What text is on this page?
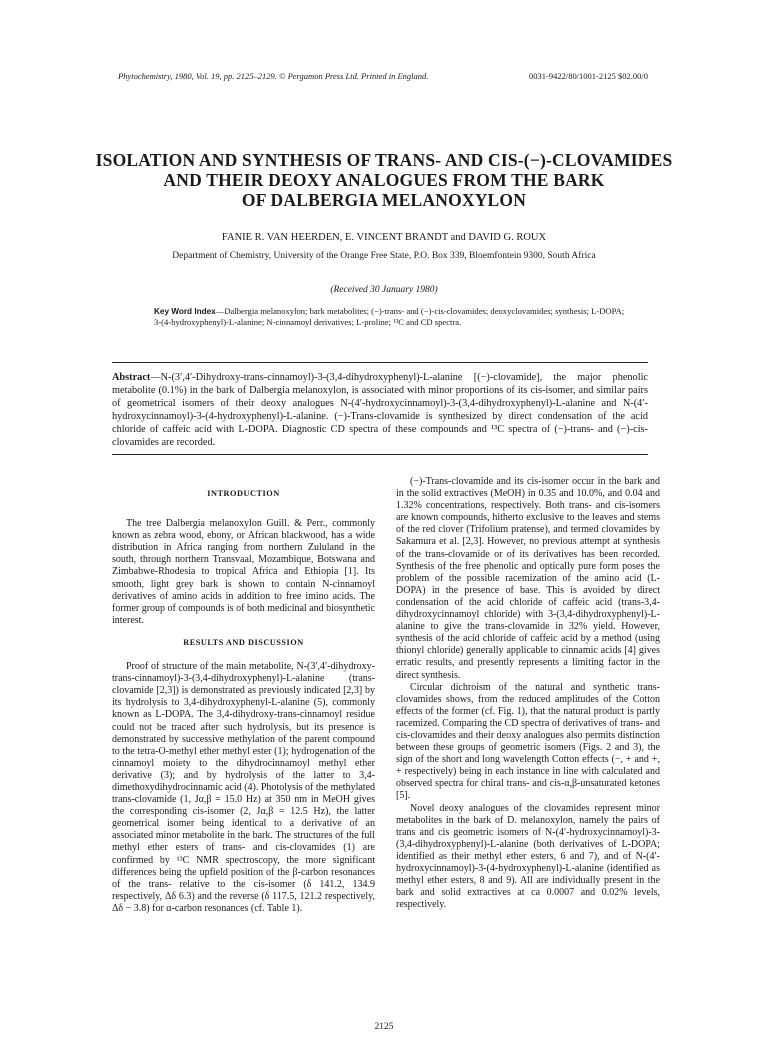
Phytochemistry, 1980, Vol. 19, pp. 2125–2129. © Pergamon Press Ltd. Printed in England.	0031-9422/80/1001-2125 $02.00/0
ISOLATION AND SYNTHESIS OF TRANS- AND CIS-(−)-CLOVAMIDES
AND THEIR DEOXY ANALOGUES FROM THE BARK
OF DALBERGIA MELANOXYLON
FANIE R. VAN HEERDEN, E. VINCENT BRANDT and DAVID G. ROUX
Department of Chemistry, University of the Orange Free State, P.O. Box 339, Bloemfontein 9300, South Africa
(Received 30 January 1980)
Key Word Index—Dalbergia melanoxylon; bark metabolites; (−)-trans- and (−)-cis-clovamides; deoxyclovamides; synthesis; L-DOPA; 3-(4-hydroxyphenyl)-L-alanine; N-cinnamoyl derivatives; L-proline; ¹³C and CD spectra.
Abstract—N-(3′,4′-Dihydroxy-trans-cinnamoyl)-3-(3,4-dihydroxyphenyl)-L-alanine [(−)-clovamide], the major phenolic metabolite (0.1%) in the bark of Dalbergia melanoxylon, is associated with minor proportions of its cis-isomer, and similar pairs of geometrical isomers of their deoxy analogues N-(4′-hydroxycinnamoyl)-3-(3,4-dihydroxyphenyl)-L-alanine and N-(4′-hydroxycinnamoyl)-3-(4-hydroxyphenyl)-L-alanine. (−)-Trans-clovamide is synthesized by direct condensation of the acid chloride of caffeic acid with L-DOPA. Diagnostic CD spectra of these compounds and ¹³C spectra of (−)-trans- and (−)-cis-clovamides are recorded.
INTRODUCTION

The tree Dalbergia melanoxylon Guill. & Perr., commonly known as zebra wood, ebony, or African blackwood, has a wide distribution in Africa ranging from northern Zululand in the south, through northern Transvaal, Mozambique, Botswana and Zimbabwe-Rhodesia to tropical Africa and Ethiopia [1]. Its smooth, light grey bark is shown to contain N-cinnamoyl derivatives of amino acids in addition to free imino acids. The former group of compounds is of both medicinal and biosynthetic interest.

RESULTS AND DISCUSSION

Proof of structure of the main metabolite, N-(3′,4′-dihydroxy-trans-cinnamoyl)-3-(3,4-dihydroxyphenyl)-L-alanine (trans-clovamide [2,3]) is demonstrated as previously indicated [2,3] by its hydrolysis to 3,4-dihydroxyphenyl-L-alanine (5), commonly known as L-DOPA. The 3,4-dihydroxy-trans-cinnamoyl residue could not be traced after such hydrolysis, but its presence is demonstrated by successive methylation of the parent compound to the tetra-O-methyl ether methyl ester (1); hydrogenation of the cinnamoyl moiety to the dihydrocinnamoyl methyl ether derivative (3); and by hydrolysis of the latter to 3,4-dimethoxydihydrocinnamic acid (4). Photolysis of the methylated trans-clovamide (1, Jα,β = 15.0 Hz) at 350 nm in MeOH gives the corresponding cis-isomer (2, Jα,β = 12.5 Hz), the latter geometrical isomer being identical to a derivative of an associated minor metabolite in the bark. The structures of the full methyl ether esters of trans- and cis-clovamides (1) are confirmed by ¹³C NMR spectroscopy, the more significant differences being the upfield position of the β-carbon resonances of the trans- relative to the cis-isomer (δ 141.2, 134.9 respectively, Δδ 6.3) and the reverse (δ 117.5, 121.2 respectively, Δδ − 3.8) for α-carbon resonances (cf. Table 1).

(−)-Trans-clovamide and its cis-isomer occur in the bark and in the solid extractives (MeOH) in 0.35 and 10.0%, and 0.04 and 1.32% concentrations, respectively. Both trans- and cis-isomers are known compounds, hitherto exclusive to the leaves and stems of the red clover (Trifolium pratense), and termed clovamides by Sakamura et al. [2,3]. However, no previous attempt at synthesis of the trans-clovamide or of its derivatives has been recorded. Synthesis of the free phenolic and optically pure form poses the problem of the possible racemization of the amino acid (L-DOPA) in the presence of base. This is avoided by direct condensation of the acid chloride of caffeic acid (trans-3,4-dihydroxycinnamoyl chloride) with 3-(3,4-dihydroxyphenyl)-L-alanine to give the trans-clovamide in 32% yield. However, synthesis of the acid chloride of caffeic acid by a method (using thionyl chloride) generally applicable to cinnamic acids [4] gives erratic results, and presently represents a limiting factor in the direct synthesis.

Circular dichroism of the natural and synthetic trans-clovamides shows, from the reduced amplitudes of the Cotton effects of the former (cf. Fig. 1), that the natural product is partly racemized. Comparing the CD spectra of derivatives of trans- and cis-clovamides and their deoxy analogues also permits distinction between these groups of geometric isomers (Figs. 2 and 3), the sign of the short and long wavelength Cotton effects (−, + and +, + respectively) being in each instance in line with calculated and observed spectra for chiral trans- and cis-α,β-unsaturated ketones [5].

Novel deoxy analogues of the clovamides represent minor metabolites in the bark of D. melanoxylon, namely the pairs of trans and cis geometric isomers of N-(4′-hydroxycinnamoyl)-3-(3,4-dihydroxyphenyl)-L-alanine (both derivatives of L-DOPA; identified as their methyl ether esters, 6 and 7), and of N-(4′-hydroxycinnamoyl)-3-(4-hydroxyphenyl)-L-alanine (identified as methyl ether esters, 8 and 9). All are individually present in the bark and solid extractives at ca 0.0007 and 0.02% levels, respectively.

2125
